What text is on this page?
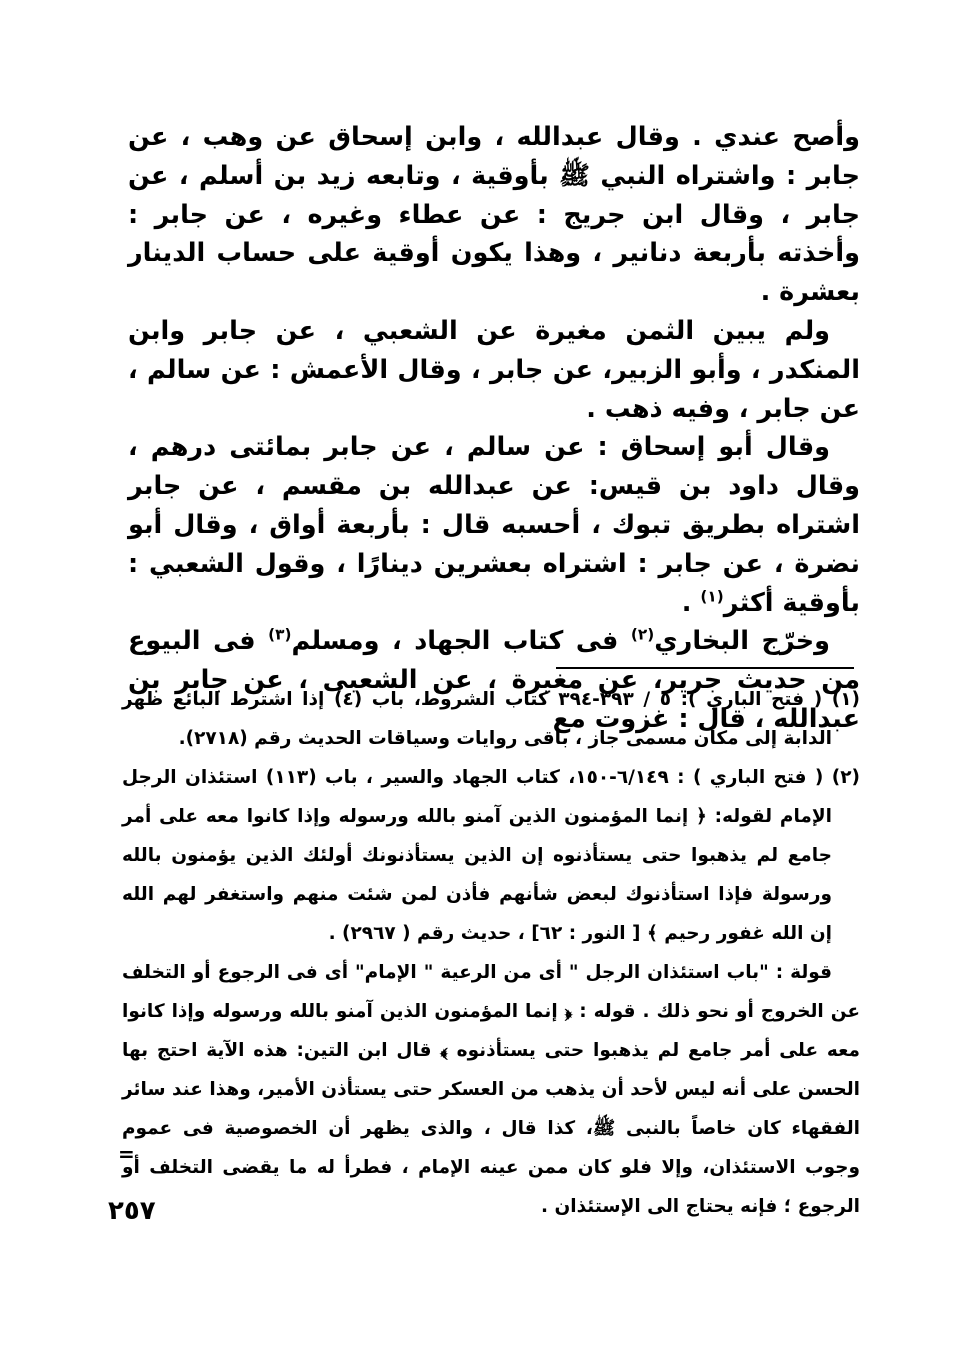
وأصح عندي . وقال عبدالله ، وابن إسحاق عن وهب ، عن جابر : واشتراه النبي ﷺ بأوقية ، وتابعه زيد بن أسلم ، عن جابر ، وقال ابن جريج : عن عطاء وغيره ، عن جابر : وأخذته بأربعة دنانير ، وهذا يكون أوقية على حساب الدينار بعشرة .

ولم يبين الثمن مغيرة عن الشعبي ، عن جابر وابن المنكدر ، وأبو الزبير، عن جابر ، وقال الأعمش : عن سالم ، عن جابر ، وفيه ذهب .

وقال أبو إسحاق : عن سالم ، عن جابر بمائتى درهم ، وقال داود بن قيس: عن عبدالله بن مقسم ، عن جابر اشتراه بطريق تبوك ، أحسبه قال : بأربعة أواق ، وقال أبو نضرة ، عن جابر : اشتراه بعشرين دينارًا ، وقول الشعبي : بأوقية أكثر$^{(١)}$ .

وخرّج البخاري$^{(٢)}$ فى كتاب الجهاد ، ومسلم$^{(٣)}$ فى البيوع من حديث جرير، عن مغيرة ، عن الشعبى ، عن جابر بن عبدالله ، قال : غزوت مع

(١) ( فتح الباري ): ٥ / ٣٩٣-٣٩٤ كتاب الشروط، باب (٤) إذا اشترط البائع ظهر الدابة إلى مكان مسمى جاز ، باقى روايات وسياقات الحديث رقم (٢٧١٨).

(٢) ( فتح الباري ) : ٦/١٤٩-١٥٠، كتاب الجهاد والسير ، باب (١١٣) استئذان الرجل الإمام لقوله: ﴿ إنما المؤمنون الذين آمنو بالله ورسوله وإذا كانوا معه على أمر جامع لم يذهبوا حتى يستأذنوه إن الذين يستأذنونك أولئك الذين يؤمنون بالله ورسولة فإذا استأذنوك لبعض شأنهم فأذن لمن شئت منهم واستغفر لهم الله إن الله غفور رحيم ﴾ [ النور : ٦٢] ، حديث رقم ( ٢٩٦٧) .

قولة : "باب استئذان الرجل " أى من الرعية " الإمام" أى فى الرجوع أو التخلف عن الخروج أو نحو ذلك . قوله : ﴿ إنما المؤمنون الذين آمنو بالله ورسوله وإذا كانوا معه على أمر جامع لم يذهبوا حتى يستأذنوه ﴾ قال ابن التين: هذه الآية احتج بها الحسن على أنه ليس لأحد أن يذهب من العسكر حتى يستأذن الأمير، وهذا عند سائر الفقهاء كان خاصاً بالنبى ﷺ، كذا قال ، والذى يظهر أن الخصوصية فى عموم وجوب الاستئذان، وإلا فلو كان ممن عينه الإمام ، فطرأ له ما يقضى التخلف أو الرجوع ؛ فإنه يحتاج الى الإستئذان .

=
٢٥٧
